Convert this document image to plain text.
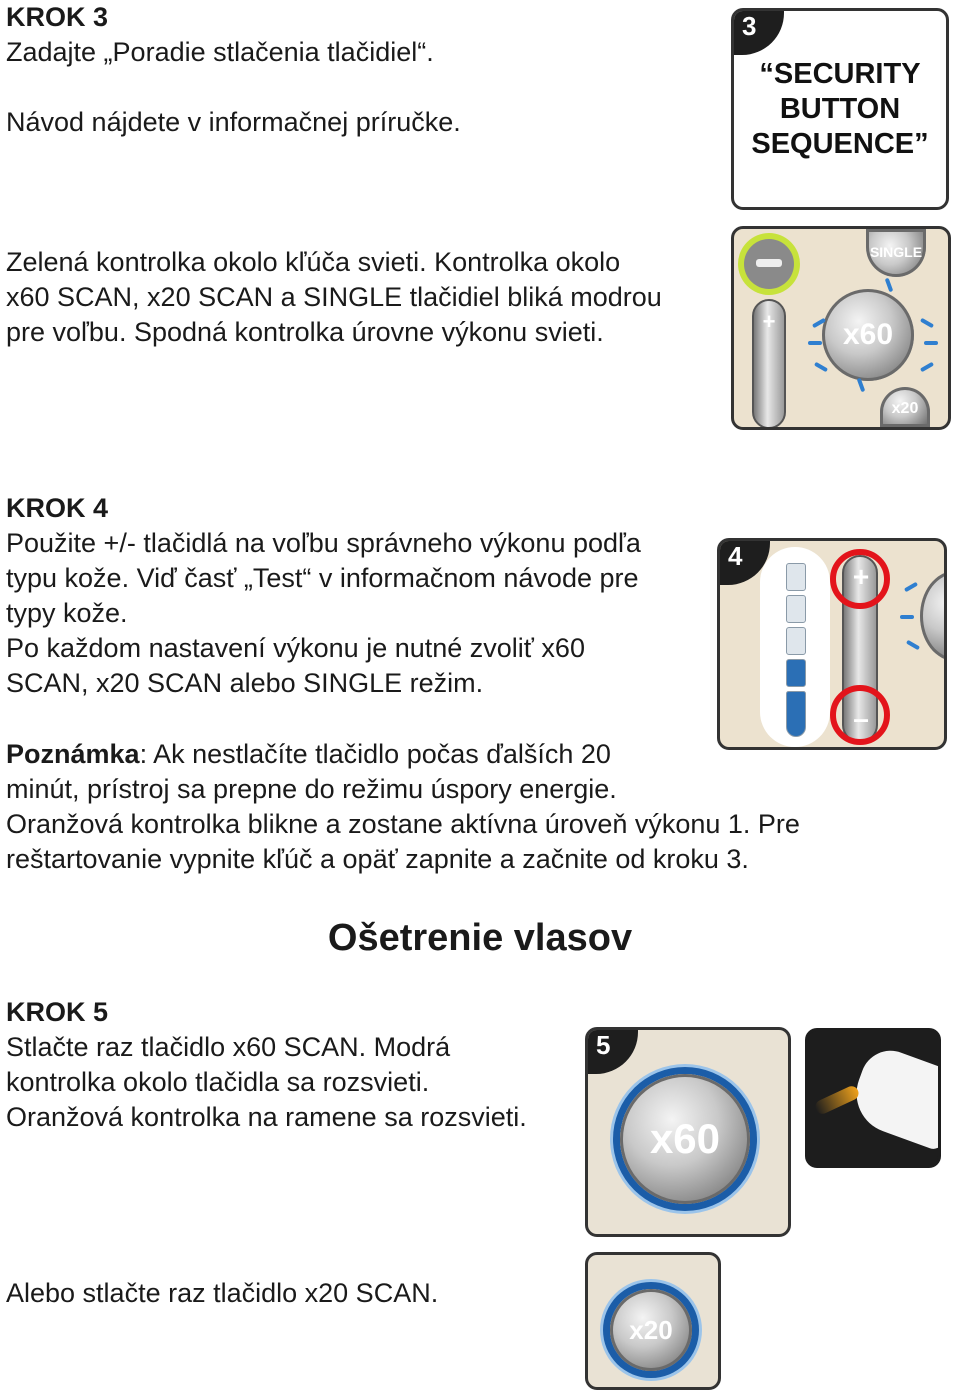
KROK 3
Zadajte „Poradie stlačenia tlačidiel“.
Návod nájdete v informačnej príručke.
3
“SECURITY
BUTTON
SEQUENCE”
Zelená kontrolka okolo kľúča svieti. Kontrolka okolo
x60 SCAN, x20 SCAN a SINGLE tlačidiel bliká modrou
pre voľbu. Spodná kontrolka úrovne výkonu svieti.	+
SINGLE
x60
x20
KROK 4
Použite +/- tlačidlá na voľbu správneho výkonu podľa
typu kože. Viď časť „Test“ v informačnom návode pre
typy kože.
Po každom nastavení výkonu je nutné zvoliť x60
SCAN, x20 SCAN alebo SINGLE režim.
4
+
–
Poznámka: Ak nestlačíte tlačidlo počas ďalších 20
minút, prístroj sa prepne do režimu úspory energie.
Oranžová kontrolka blikne a zostane aktívna úroveň výkonu 1. Pre
reštartovanie vypnite kľúč a opäť zapnite a začnite od kroku 3.
Ošetrenie vlasov
KROK 5
Stlačte raz tlačidlo x60 SCAN. Modrá
kontrolka okolo tlačidla sa rozsvieti.
Oranžová kontrolka na ramene sa rozsvieti.
5
x60
Alebo stlačte raz tlačidlo x20 SCAN.
x20
